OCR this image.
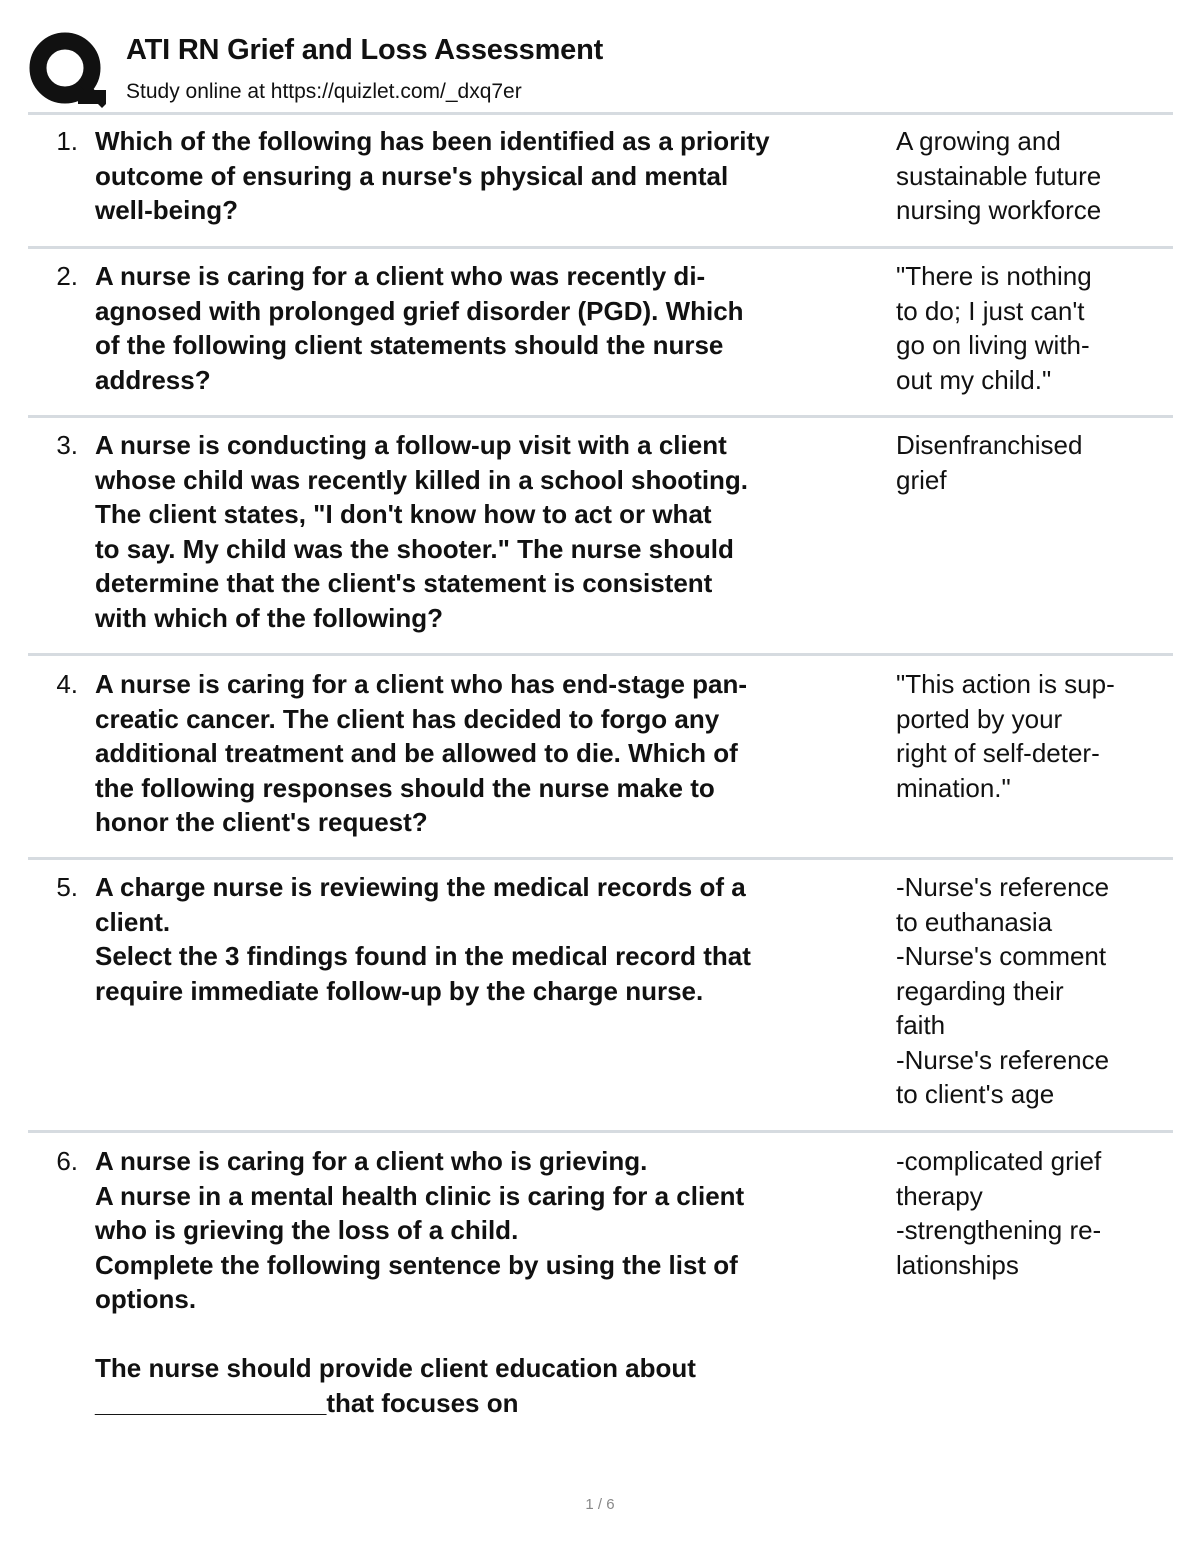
ATI RN Grief and Loss Assessment
Study online at https://quizlet.com/_dxq7er
1. Which of the following has been identified as a priority
outcome of ensuring a nurse's physical and mental
well-being?
A growing and
sustainable future
nursing workforce
2. A nurse is caring for a client who was recently di-
agnosed with prolonged grief disorder (PGD). Which
of the following client statements should the nurse
address?
"There is nothing
to do; I just can't
go on living with-
out my child."
3. A nurse is conducting a follow-up visit with a client
whose child was recently killed in a school shooting.
The client states, "I don't know how to act or what
to say. My child was the shooter." The nurse should
determine that the client's statement is consistent
with which of the following?
Disenfranchised
grief
4. A nurse is caring for a client who has end-stage pan-
creatic cancer. The client has decided to forgo any
additional treatment and be allowed to die. Which of
the following responses should the nurse make to
honor the client's request?
"This action is sup-
ported by your
right of self-deter-
mination."
5. A charge nurse is reviewing the medical records of a
client.
Select the 3 findings found in the medical record that
require immediate follow-up by the charge nurse.
-Nurse's reference
to euthanasia
-Nurse's comment
regarding their
faith
-Nurse's reference
to client's age
6. A nurse is caring for a client who is grieving.
A nurse in a mental health clinic is caring for a client
who is grieving the loss of a child.
Complete the following sentence by using the list of
options.

The nurse should provide client education about
________________that focuses on
-complicated grief
therapy
-strengthening re-
lationships
1 / 6
